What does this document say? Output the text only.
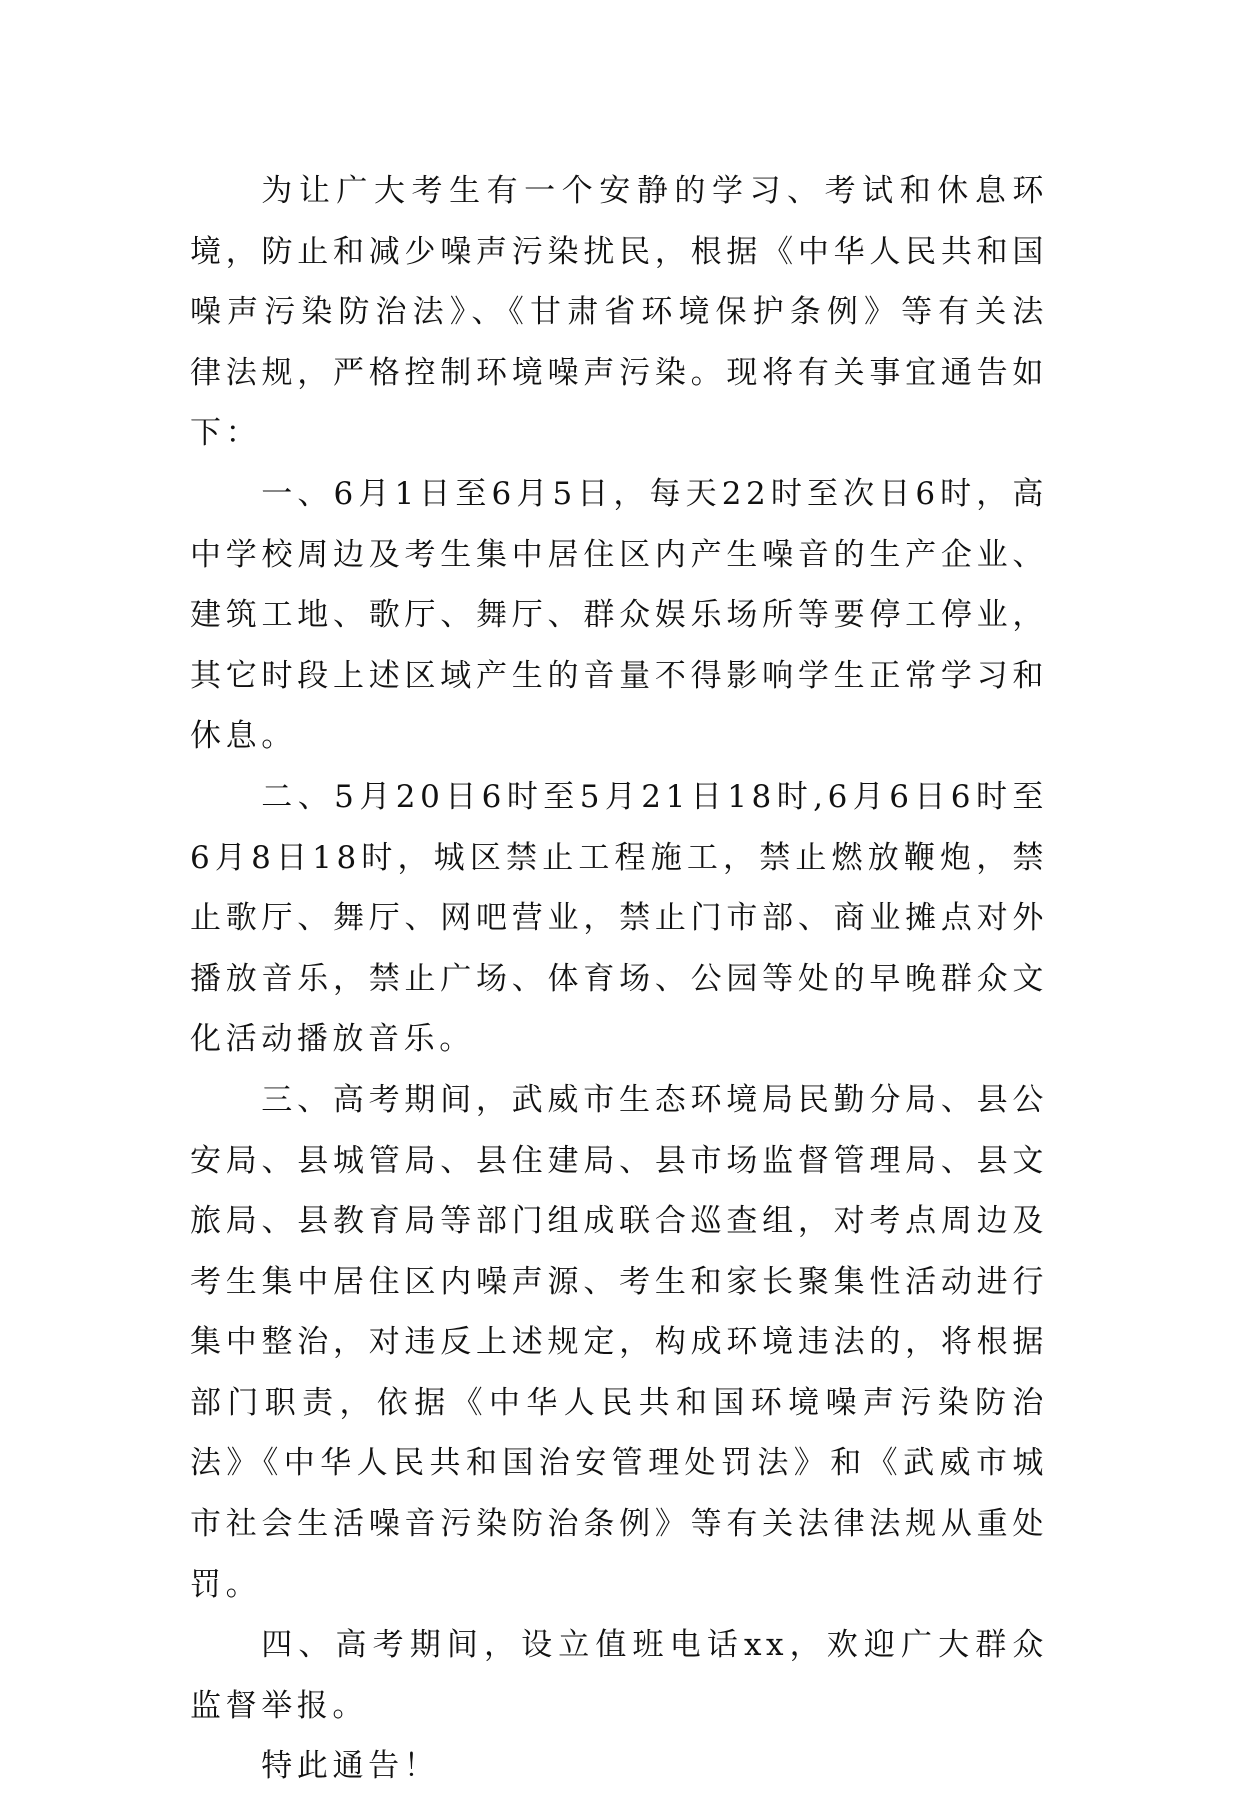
为让广大考生有一个安静的学习、考试和休息环境，防止和减少噪声污染扰民，根据《中华人民共和国噪声污染防治法》、《甘肃省环境保护条例》等有关法律法规，严格控制环境噪声污染。现将有关事宜通告如下：

一、6月1日至6月5日，每天22时至次日6时，高中学校周边及考生集中居住区内产生噪音的生产企业、建筑工地、歌厅、舞厅、群众娱乐场所等要停工停业，其它时段上述区域产生的音量不得影响学生正常学习和休息。

二、5月20日6时至5月21日18时,6月6日6时至6月8日18时，城区禁止工程施工，禁止燃放鞭炮，禁止歌厅、舞厅、网吧营业，禁止门市部、商业摊点对外播放音乐，禁止广场、体育场、公园等处的早晚群众文化活动播放音乐。

三、高考期间，武威市生态环境局民勤分局、县公安局、县城管局、县住建局、县市场监督管理局、县文旅局、县教育局等部门组成联合巡查组，对考点周边及考生集中居住区内噪声源、考生和家长聚集性活动进行集中整治，对违反上述规定，构成环境违法的，将根据部门职责，依据《中华人民共和国环境噪声污染防治法》《中华人民共和国治安管理处罚法》和《武威市城市社会生活噪音污染防治条例》等有关法律法规从重处罚。

四、高考期间，设立值班电话xx，欢迎广大群众监督举报。

特此通告！
